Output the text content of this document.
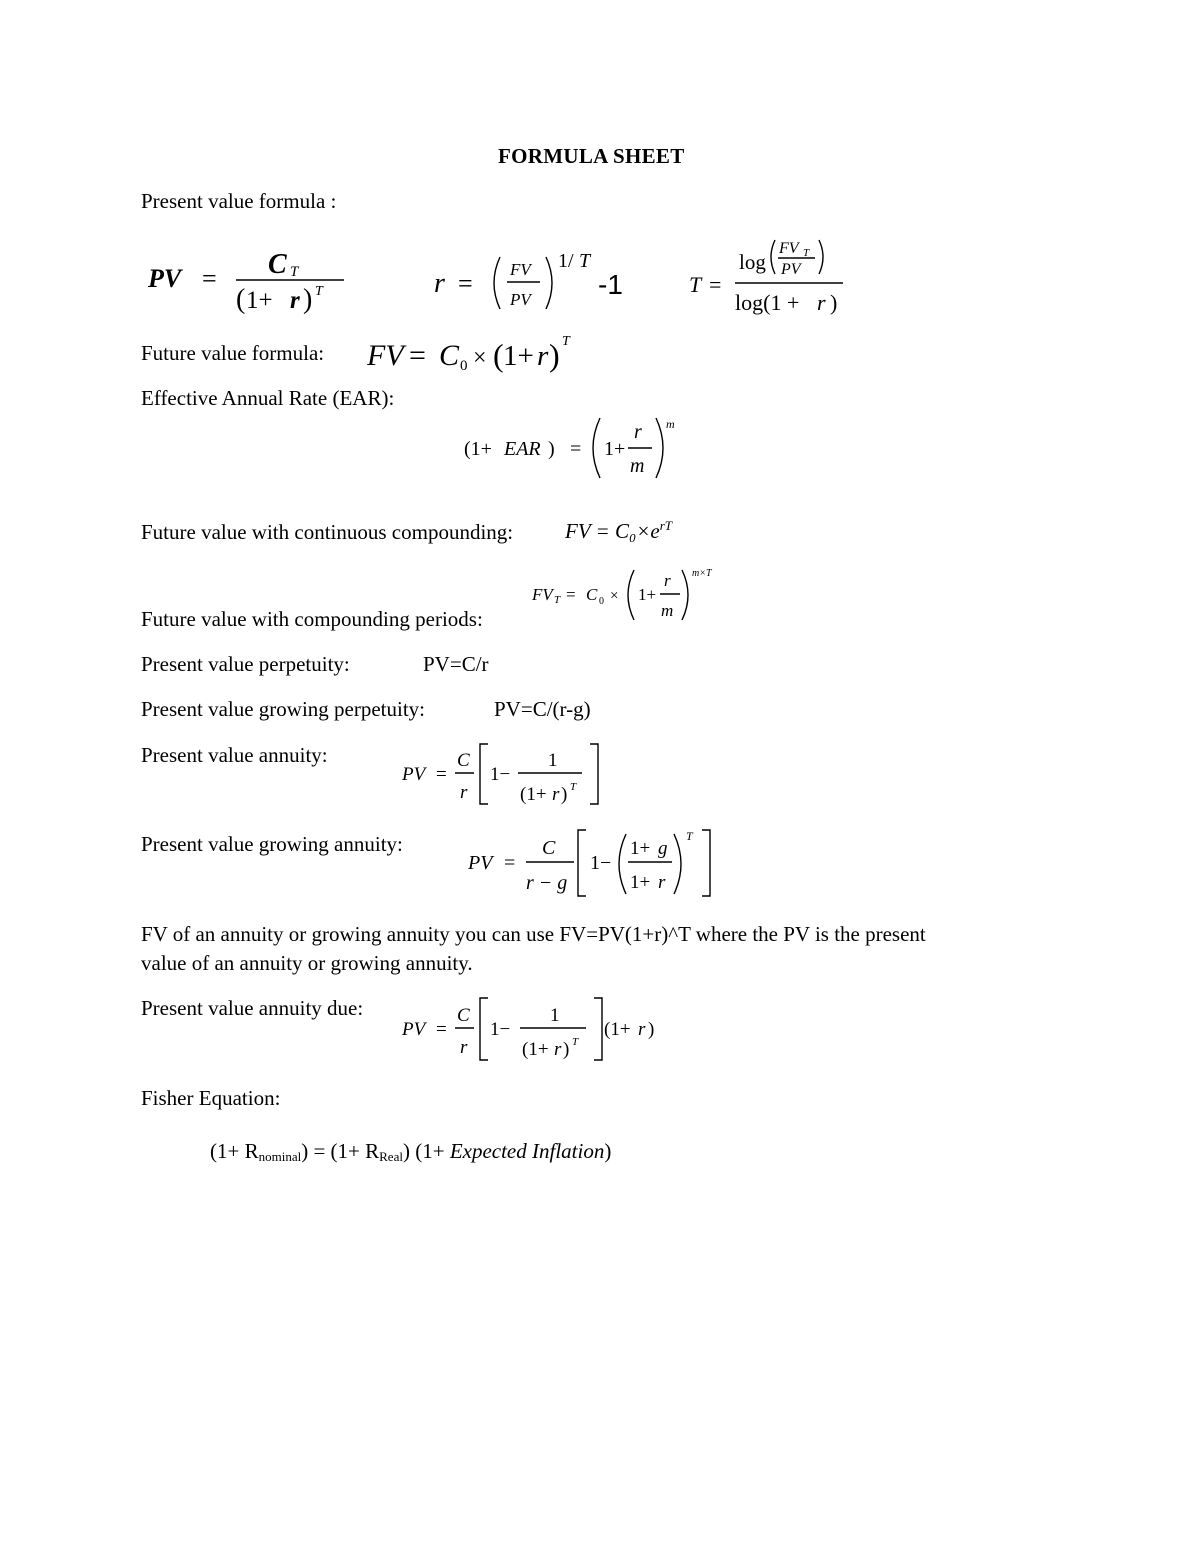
FORMULA SHEET
Present value formula :
PV = C T
( 1+ r ) T	r = FV
PV
1/ T
-1	T =
log
FV T
PV
log(1 + r )
Future value formula: FV = C 0 × ( 1+ r ) T
Effective Annual Rate (EAR):
(1+ EAR ) = 1+
r
m
m
Future value with continuous compounding: FV = $C_0\times e^{rT}$
Future value with compounding periods:
FV T = C 0 × 1+
r
m
m×T
Present value perpetuity:	PV=C/r
Present value growing perpetuity:	PV=C/(r-g)
Present value annuity:
PV =
C
r
1−
1
(1+ r ) T
Present value growing annuity:
PV =
C
r − g
1−
1+ g
1+ r
T
FV of an annuity or growing annuity you can use FV=PV(1+r)^T where the PV is the present
value of an annuity or growing annuity.
Present value annuity due:
PV =
C
r
1−
1
(1+ r ) T
(1+ r )
Fisher Equation:
$(1+ R_{nominal}) = (1+ R_{Real})$ (1+ Expected Inflation)
